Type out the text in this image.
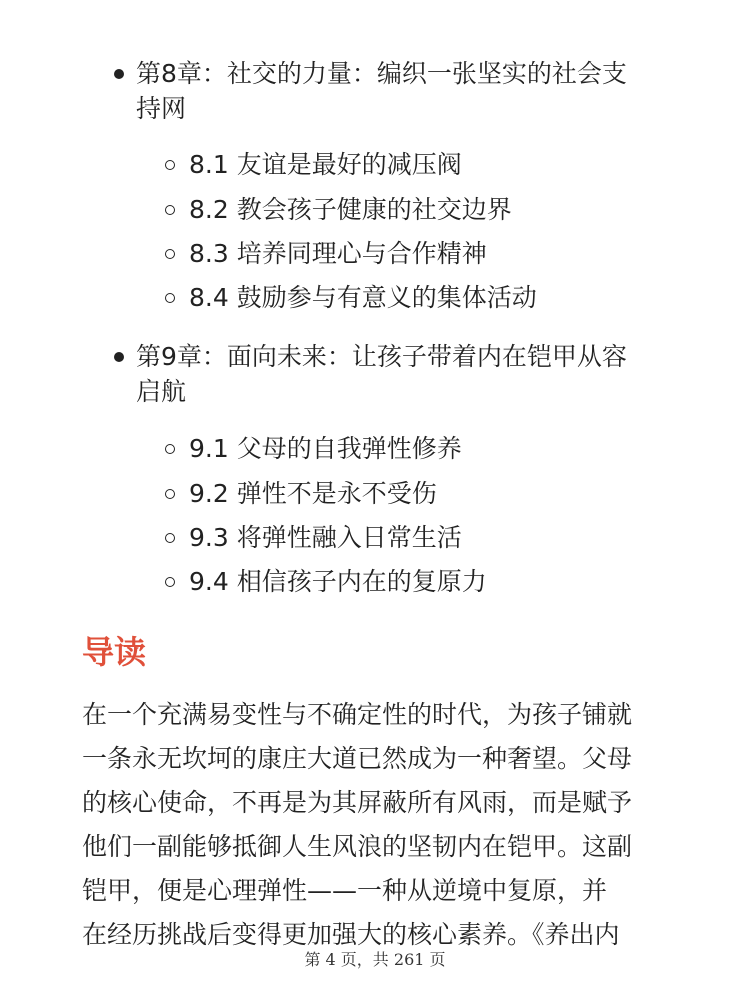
第8章：社交的力量：编织一张坚实的社会支
持网
8.1 友谊是最好的减压阀
8.2 教会孩子健康的社交边界
8.3 培养同理心与合作精神
8.4 鼓励参与有意义的集体活动
第9章：面向未来：让孩子带着内在铠甲从容
启航
9.1 父母的自我弹性修养
9.2 弹性不是永不受伤
9.3 将弹性融入日常生活
9.4 相信孩子内在的复原力
导读
在一个充满易变性与不确定性的时代，为孩子铺就
一条永无坎坷的康庄大道已然成为一种奢望。父母
的核心使命，不再是为其屏蔽所有风雨，而是赋予
他们一副能够抵御人生风浪的坚韧内在铠甲。这副
铠甲，便是心理弹性——一种从逆境中复原，并
在经历挑战后变得更加强大的核心素养。《养出内
第 4 页，共 261 页
